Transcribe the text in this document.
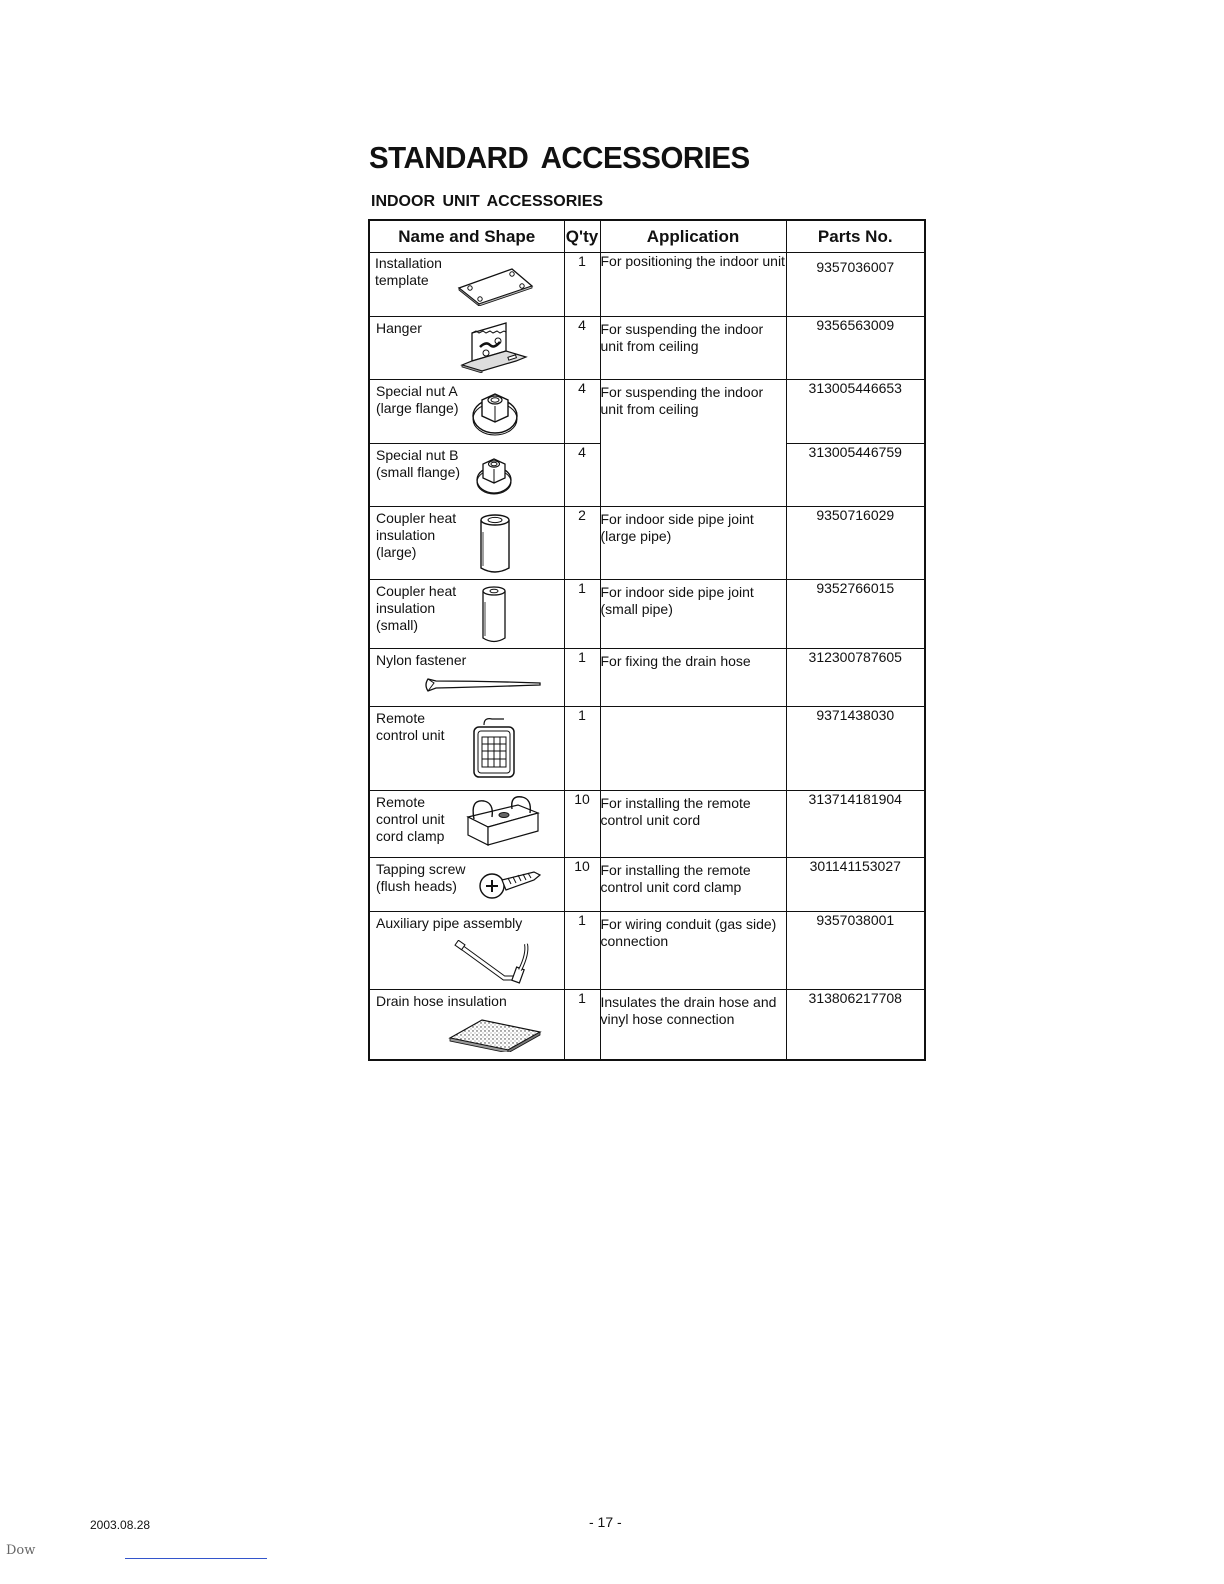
STANDARD ACCESSORIES
INDOOR UNIT ACCESSORIES
Name and Shape	Q'ty	Application	Parts No.

Installation
template	1	For positioning the indoor unit	9357036007

Hanger	4	For suspending the indoor unit from ceiling	9356563009

Special nut A
(large flange)	4	For suspending the indoor unit from ceiling	313005446653

Special nut B
(small flange)	4		313005446759

Coupler heat
insulation
(large)	2	For indoor side pipe joint (large pipe)	9350716029

Coupler heat
insulation
(small)	1	For indoor side pipe joint (small pipe)	9352766015

Nylon fastener	1	For fixing the drain hose	312300787605

Remote
control unit	1		9371438030

Remote
control unit
cord clamp	10	For installing the remote control unit cord	313714181904

Tapping screw
(flush heads)	10	For installing the remote control unit cord clamp	301141153027

Auxiliary pipe assembly	1	For wiring conduit (gas side) connection	9357038001

Drain hose insulation	1	Insulates the drain hose and vinyl hose connection	313806217708
2003.08.28	- 17 -
Dow
